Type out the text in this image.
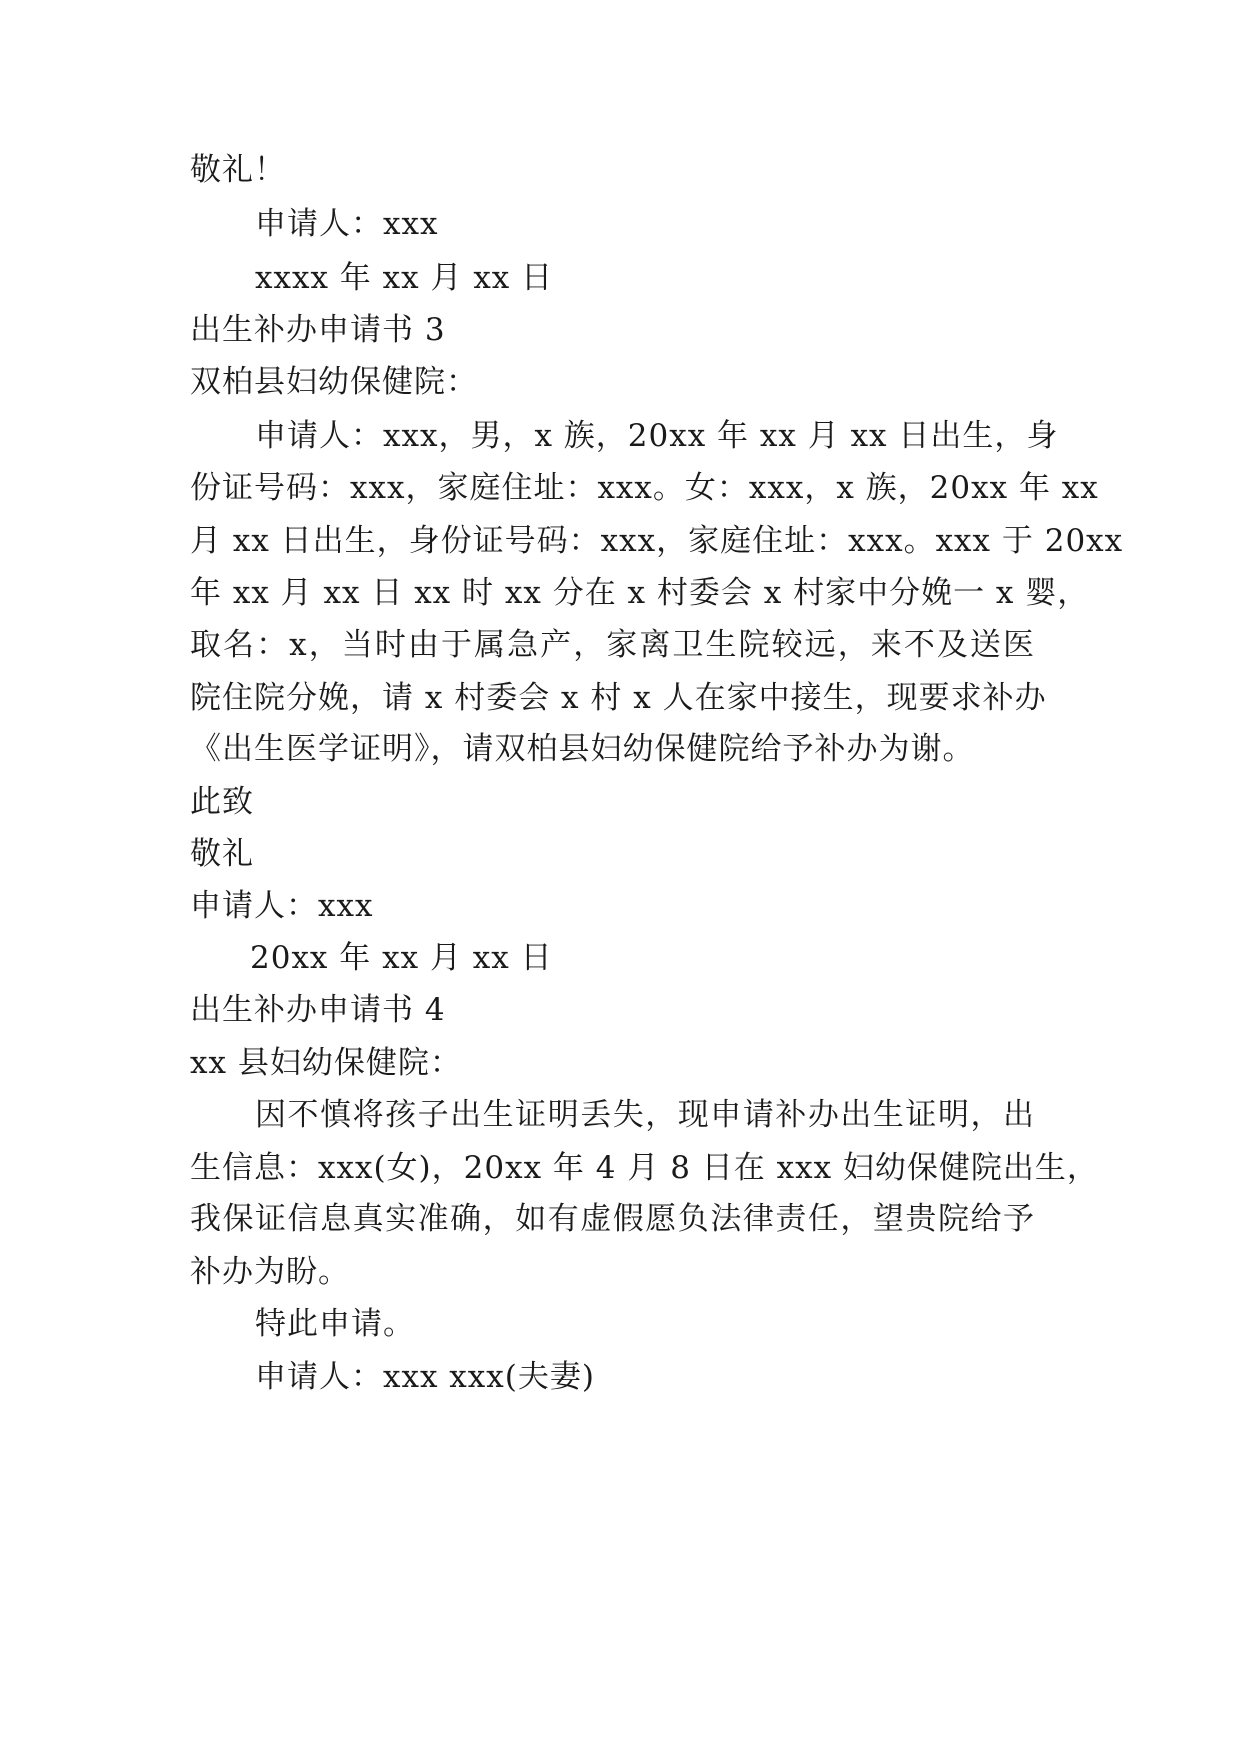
敬礼！
申请人：xxx
xxxx 年 xx 月 xx 日
出生补办申请书 3
双柏县妇幼保健院：
申请人：xxx，男，x 族，20xx 年 xx 月 xx 日出生，身
份证号码：xxx，家庭住址：xxx。女：xxx，x 族，20xx 年 xx
月 xx 日出生，身份证号码：xxx，家庭住址：xxx。xxx 于 20xx
年 xx 月 xx 日 xx 时 xx 分在 x 村委会 x 村家中分娩一 x 婴，
取名：x，当时由于属急产，家离卫生院较远，来不及送医
院住院分娩，请 x 村委会 x 村 x 人在家中接生，现要求补办
《出生医学证明》，请双柏县妇幼保健院给予补办为谢。
此致
敬礼
申请人：xxx
20xx 年 xx 月 xx 日
出生补办申请书 4
xx 县妇幼保健院：
因不慎将孩子出生证明丢失，现申请补办出生证明，出
生信息：xxx(女)，20xx 年 4 月 8 日在 xxx 妇幼保健院出生，
我保证信息真实准确，如有虚假愿负法律责任，望贵院给予
补办为盼。
特此申请。
申请人：xxx xxx(夫妻)
